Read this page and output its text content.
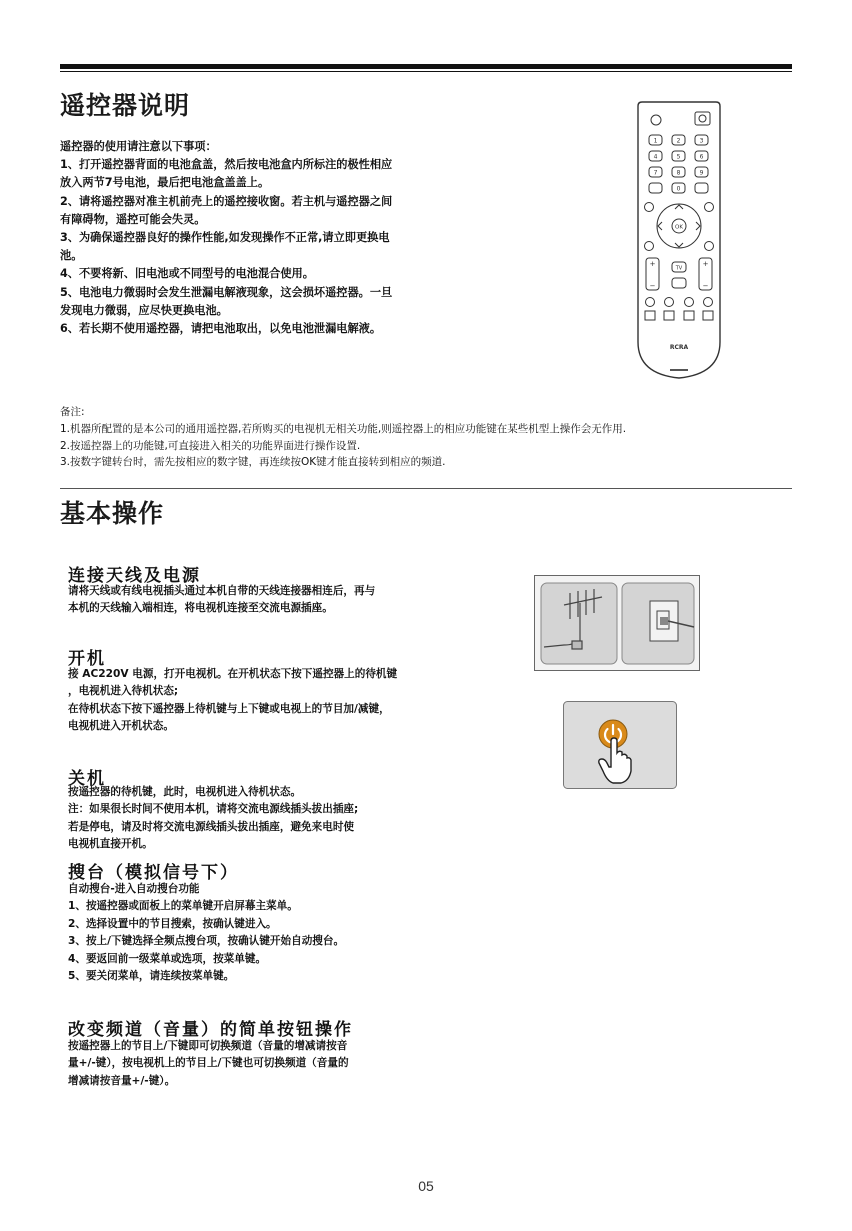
遥控器说明
遥控器的使用请注意以下事项：
1、打开遥控器背面的电池盒盖，然后按电池盒内所标注的极性相应
放入两节7号电池，最后把电池盒盖盖上。
2、请将遥控器对准主机前壳上的遥控接收窗。若主机与遥控器之间
有障碍物，遥控可能会失灵。
3、为确保遥控器良好的操作性能,如发现操作不正常,请立即更换电
池。
4、不要将新、旧电池或不同型号的电池混合使用。
5、电池电力微弱时会发生泄漏电解液现象，这会损坏遥控器。一旦
发现电力微弱，应尽快更换电池。
6、若长期不使用遥控器，请把电池取出，以免电池泄漏电解液。
1	2	3
4	5	6
7	8	9
0
OK
+
−
+
−
TV
RCRA
备注:
1.机器所配置的是本公司的通用遥控器,若所购买的电视机无相关功能,则遥控器上的相应功能键在某些机型上操作会无作用.
2.按遥控器上的功能键,可直接进入相关的功能界面进行操作设置.
3.按数字键转台时，需先按相应的数字键，再连续按OK键才能直接转到相应的频道.
基本操作
连接天线及电源
请将天线或有线电视插头通过本机自带的天线连接器相连后，再与
本机的天线输入端相连，将电视机连接至交流电源插座。
开机
接 AC220V 电源，打开电视机。在开机状态下按下遥控器上的待机键
，电视机进入待机状态;
在待机状态下按下遥控器上待机键与上下键或电视上的节目加/减键，
电视机进入开机状态。
关机
按遥控器的待机键，此时，电视机进入待机状态。
注：如果很长时间不使用本机，请将交流电源线插头拔出插座;
若是停电，请及时将交流电源线插头拔出插座，避免来电时使
电视机直接开机。
搜台（模拟信号下）
自动搜台-进入自动搜台功能
1、按遥控器或面板上的菜单键开启屏幕主菜单。
2、选择设置中的节目搜索，按确认键进入。
3、按上/下键选择全频点搜台项，按确认键开始自动搜台。
4、要返回前一级菜单或选项，按菜单键。
5、要关闭菜单，请连续按菜单键。
改变频道（音量）的简单按钮操作
按遥控器上的节目上/下键即可切换频道（音量的增减请按音
量+/-键），按电视机上的节目上/下键也可切换频道（音量的
增减请按音量+/-键）。
05
